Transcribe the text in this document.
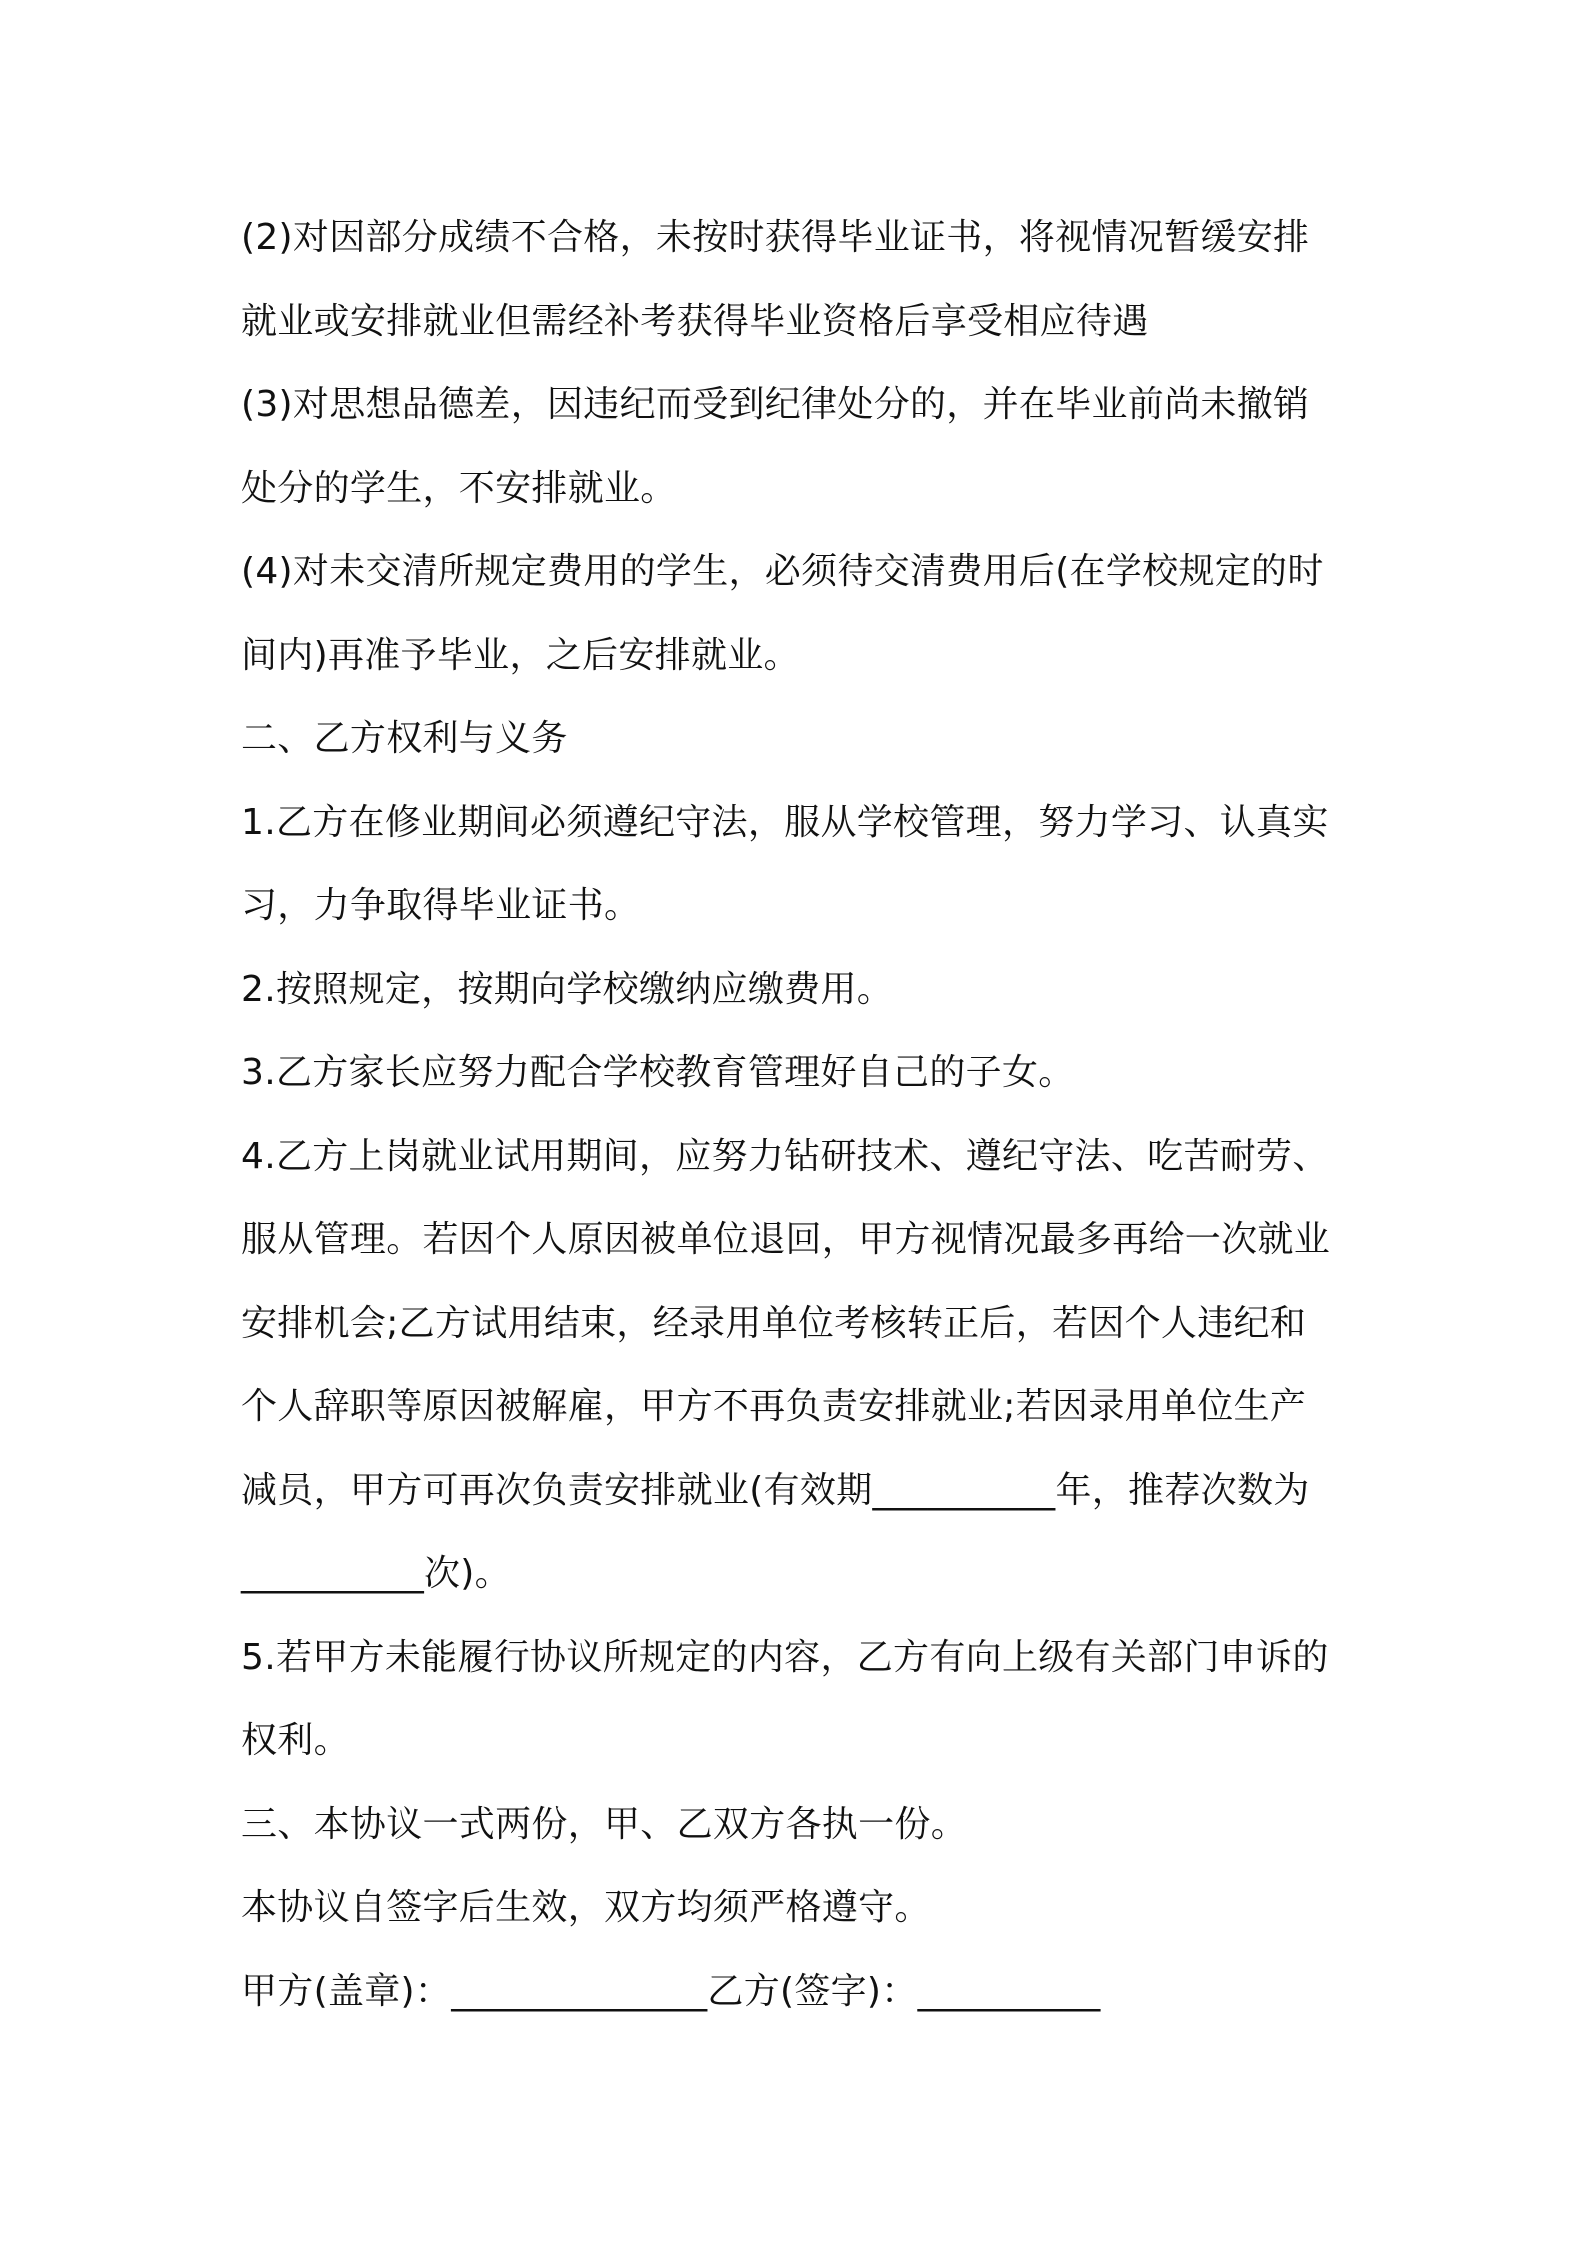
(2)对因部分成绩不合格，未按时获得毕业证书，将视情况暂缓安排
就业或安排就业但需经补考获得毕业资格后享受相应待遇
(3)对思想品德差，因违纪而受到纪律处分的，并在毕业前尚未撤销
处分的学生，不安排就业。
(4)对未交清所规定费用的学生，必须待交清费用后(在学校规定的时
间内)再准予毕业，之后安排就业。
二、乙方权利与义务
1.乙方在修业期间必须遵纪守法，服从学校管理，努力学习、认真实
习，力争取得毕业证书。
2.按照规定，按期向学校缴纳应缴费用。
3.乙方家长应努力配合学校教育管理好自己的子女。
4.乙方上岗就业试用期间，应努力钻研技术、遵纪守法、吃苦耐劳、
服从管理。若因个人原因被单位退回，甲方视情况最多再给一次就业
安排机会;乙方试用结束，经录用单位考核转正后，若因个人违纪和
个人辞职等原因被解雇，甲方不再负责安排就业;若因录用单位生产
减员，甲方可再次负责安排就业(有效期__________年，推荐次数为
__________次)。
5.若甲方未能履行协议所规定的内容，乙方有向上级有关部门申诉的
权利。
三、本协议一式两份，甲、乙双方各执一份。
本协议自签字后生效，双方均须严格遵守。
甲方(盖章)：______________乙方(签字)：__________
